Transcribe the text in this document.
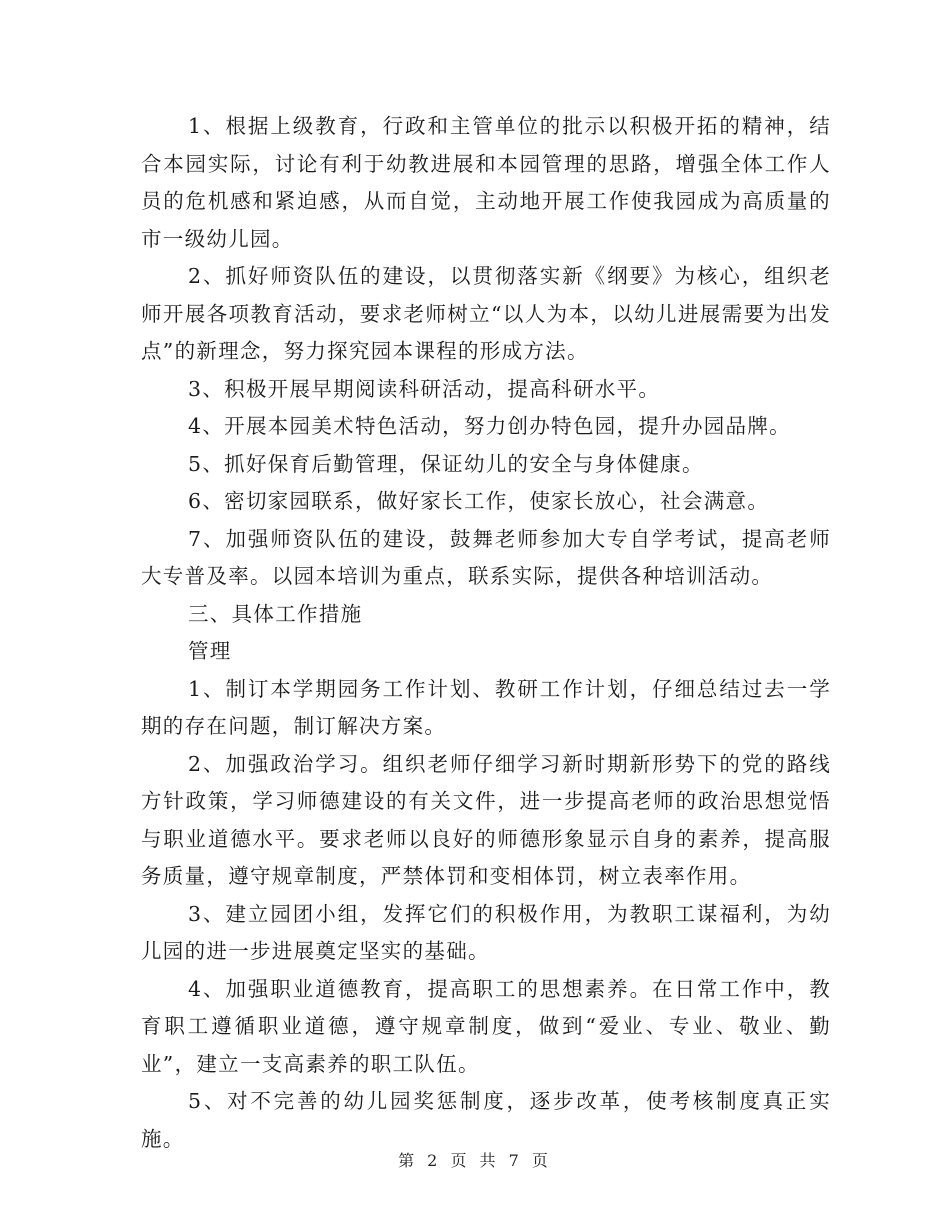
1、根据上级教育，行政和主管单位的批示以积极开拓的精神，结合本园实际，讨论有利于幼教进展和本园管理的思路，增强全体工作人员的危机感和紧迫感，从而自觉，主动地开展工作使我园成为高质量的市一级幼儿园。

2、抓好师资队伍的建设，以贯彻落实新《纲要》为核心，组织老师开展各项教育活动，要求老师树立“以人为本，以幼儿进展需要为出发点”的新理念，努力探究园本课程的形成方法。

3、积极开展早期阅读科研活动，提高科研水平。

4、开展本园美术特色活动，努力创办特色园，提升办园品牌。

5、抓好保育后勤管理，保证幼儿的安全与身体健康。

6、密切家园联系，做好家长工作，使家长放心，社会满意。

7、加强师资队伍的建设，鼓舞老师参加大专自学考试，提高老师大专普及率。以园本培训为重点，联系实际，提供各种培训活动。

三、具体工作措施

管理

1、制订本学期园务工作计划、教研工作计划，仔细总结过去一学期的存在问题，制订解决方案。

2、加强政治学习。组织老师仔细学习新时期新形势下的党的路线方针政策，学习师德建设的有关文件，进一步提高老师的政治思想觉悟与职业道德水平。要求老师以良好的师德形象显示自身的素养，提高服务质量，遵守规章制度，严禁体罚和变相体罚，树立表率作用。

3、建立园团小组，发挥它们的积极作用，为教职工谋福利，为幼儿园的进一步进展奠定坚实的基础。

4、加强职业道德教育，提高职工的思想素养。在日常工作中，教育职工遵循职业道德，遵守规章制度，做到“爱业、专业、敬业、勤业”，建立一支高素养的职工队伍。

5、对不完善的幼儿园奖惩制度，逐步改革，使考核制度真正实施。

第 2 页 共 7 页
